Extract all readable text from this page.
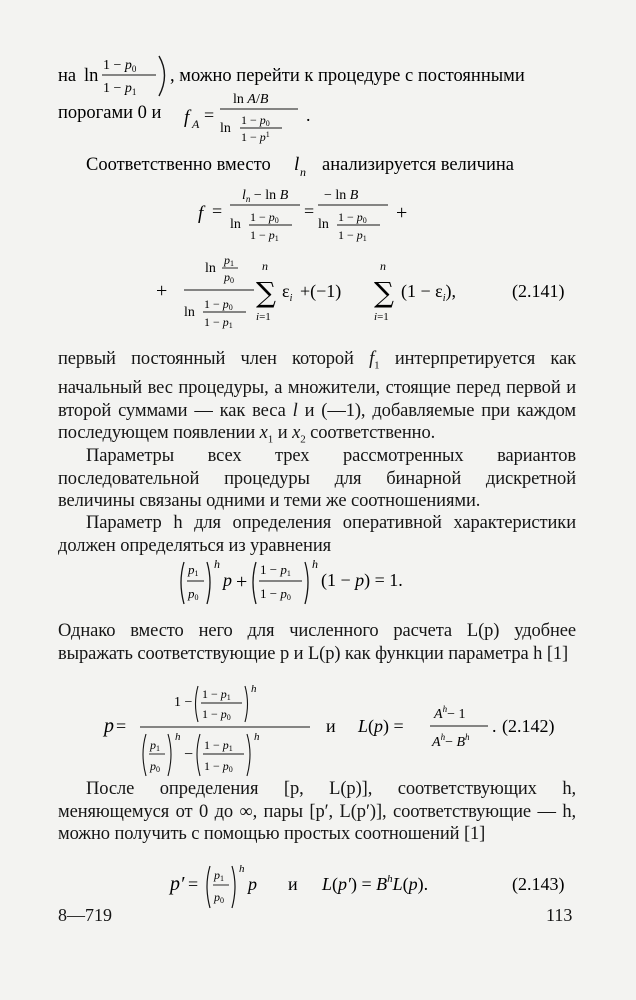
на ln
$1 - p_0$
$1 - p_1$
, можно перейти к процедуре с постоянными
порогами 0 и f A =
ln A/B
ln
1 − p0
$1 - p^1$
.
Соответственно вместо l n анализируется величина
f =
$l_n - \ln B$
ln 1 − p0
1 − p1
=
− ln B
ln 1 − p0
1 − p1
+
+
ln
p1
p0
ln
1 − p0
1 − p1
n
∑
i=1
$\varepsilon_i +(-1)$
n
∑
i=1
$(1 - \varepsilon_i)$,	(2.141)
первый постоянный член которой $f_1$ интерпретируется как начальный вес процедуры, а множители, стоящие перед первой и второй суммами — как веса l и (—1), добавляемые при каждом последующем появлении $x_1$ и $x_2$ соответственно.
Параметры всех трех рассмотренных вариантов последовательной процедуры для бинарной дискретной величины связаны одними и теми же соотношениями.
Параметр h для определения оперативной характеристики должен определяться из уравнения
p1
p0
h
p +
1 − p1
1 − p0
h
(1 − p) = 1.
Однако вместо него для численного расчета L(p) удобнее выражать соответствующие p и L(p) как функции параметра h [1]
p =
1 −
1 − p1
1 − p0
h
p1
p0
h
−
1 − p1
1 − p0
h
и L(p) =
$A^h- 1$
$A^h- B^h$
. (2.142)
После определения [p, L(p)], соответствующих h, меняющемуся от 0 до ∞, пары [p′, L(p′)], соответствующие — h, можно получить с помощью простых соотношений [1]
p′ = p1
p0
h
p и $L(p') = B^hL(p)$.	(2.143)
8—719	113
